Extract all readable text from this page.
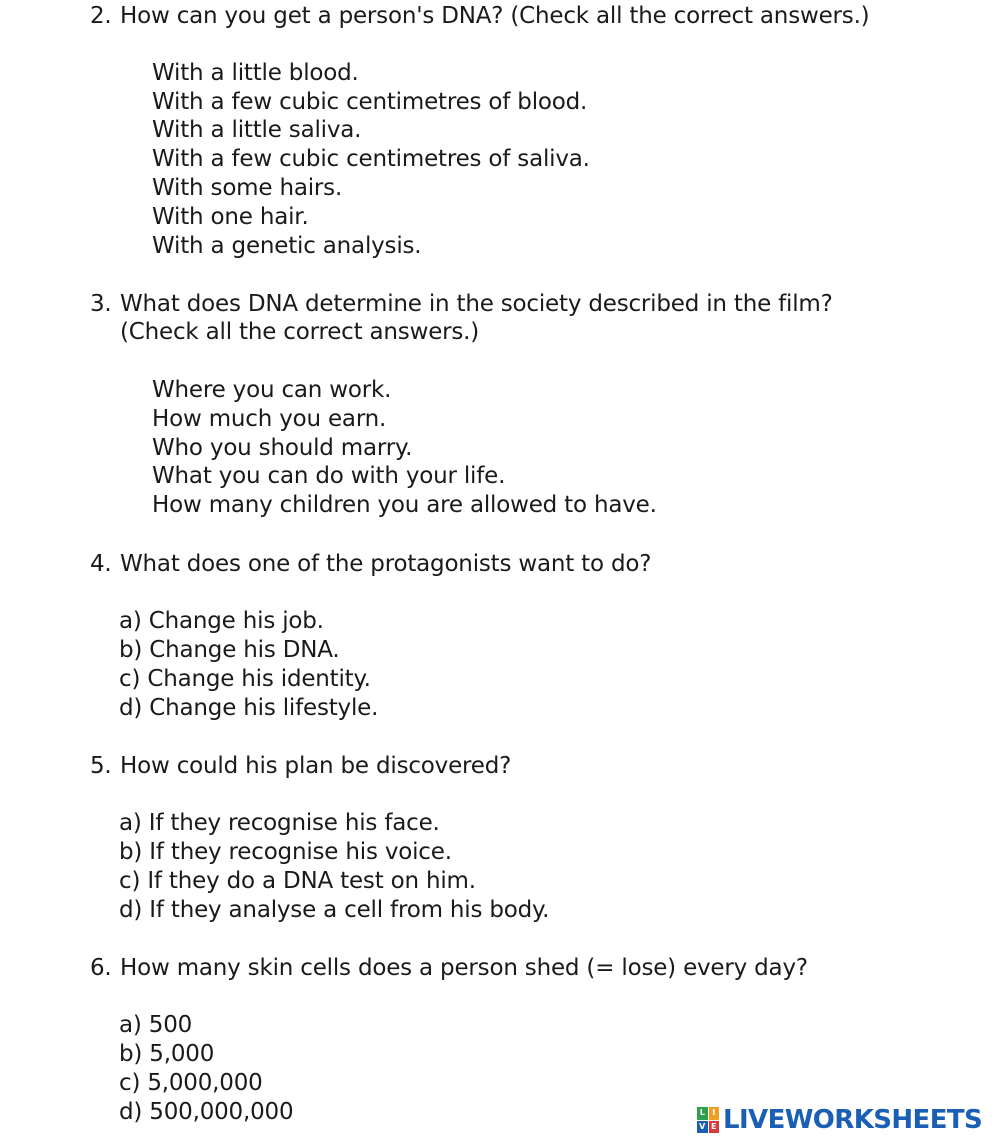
2. How can you get a person's DNA? (Check all the correct answers.)
With a little blood.
With a few cubic centimetres of blood.
With a little saliva.
With a few cubic centimetres of saliva.
With some hairs.
With one hair.
With a genetic analysis.
3. What does DNA determine in the society described in the film?
(Check all the correct answers.)
Where you can work.
How much you earn.
Who you should marry.
What you can do with your life.
How many children you are allowed to have.
4. What does one of the protagonists want to do?
a) Change his job.
b) Change his DNA.
c) Change his identity.
d) Change his lifestyle.
5. How could his plan be discovered?
a) If they recognise his face.
b) If they recognise his voice.
c) If they do a DNA test on him.
d) If they analyse a cell from his body.
6. How many skin cells does a person shed (= lose) every day?
a) 500
b) 5,000
c) 5,000,000
d) 500,000,000	L I
V E LIVEWORKSHEETS
